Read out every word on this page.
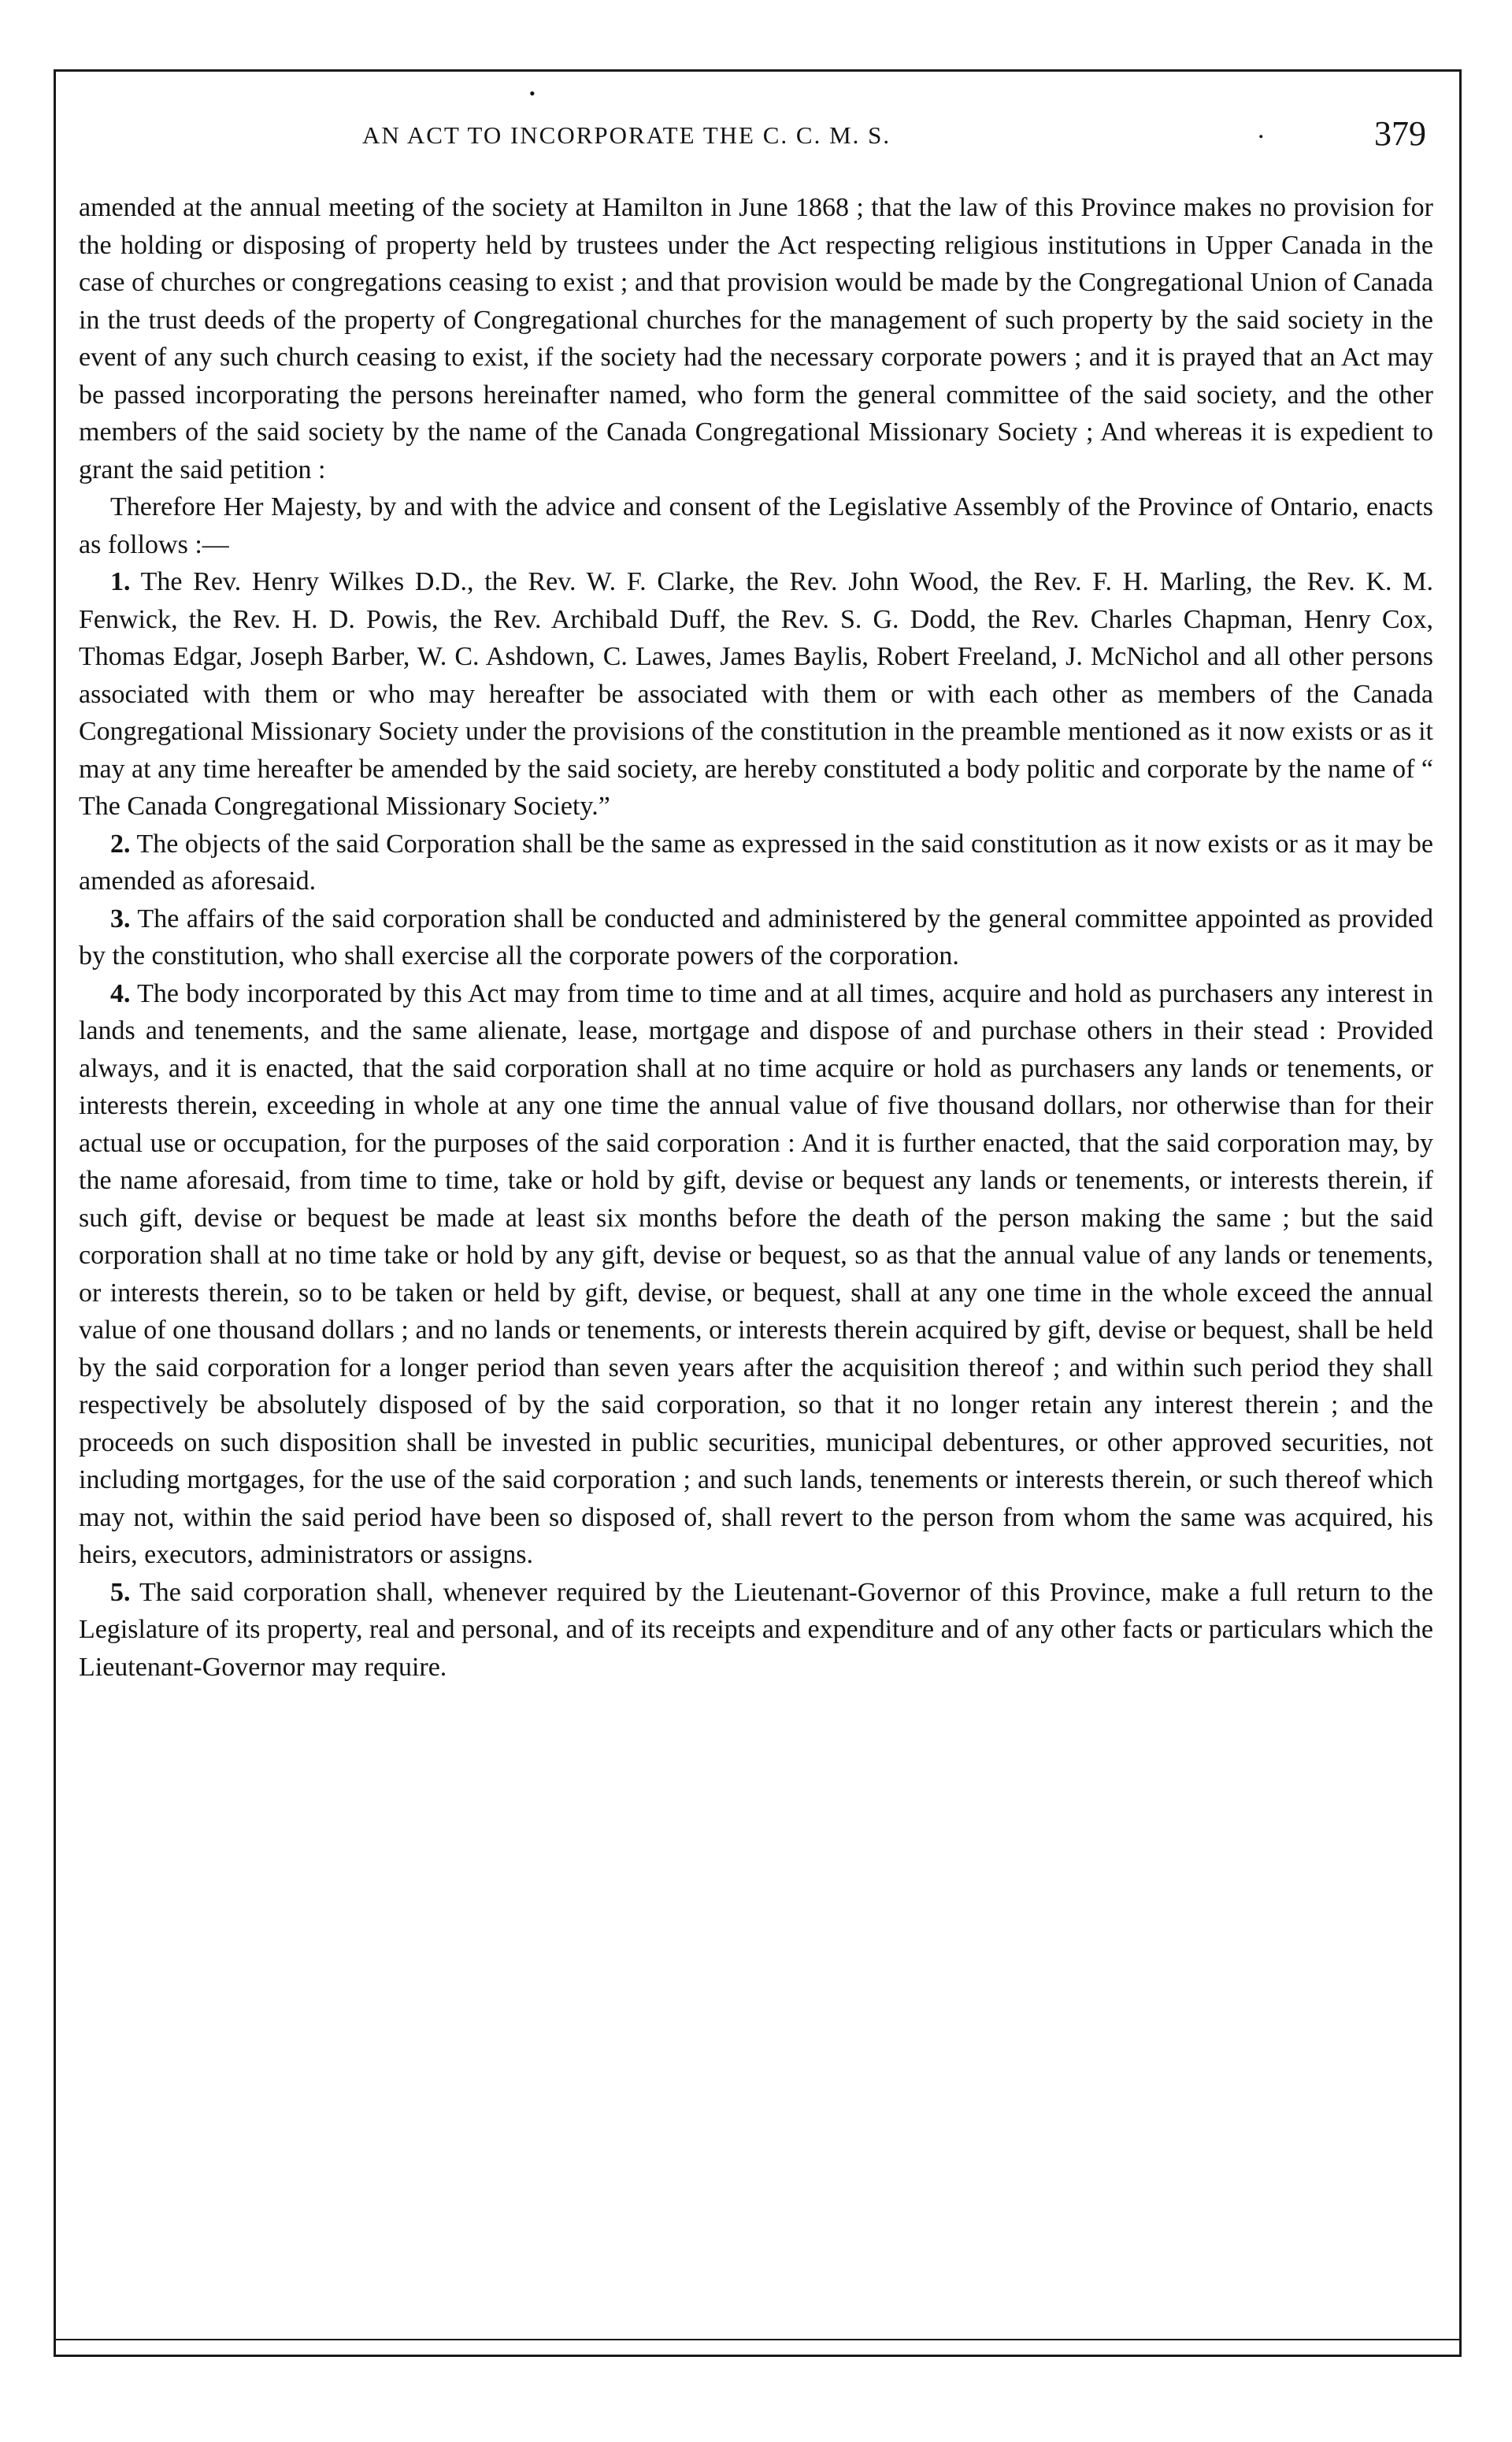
•
AN ACT TO INCORPORATE THE C. C. M. S.	.	379

amended at the annual meeting of the society at Hamilton in June 1868 ; that the law of this Province makes no provision for the holding or disposing of property held by trustees under the Act respecting religious institutions in Upper Canada in the case of churches or congregations ceasing to exist ; and that provision would be made by the Congregational Union of Canada in the trust deeds of the property of Congregational churches for the management of such property by the said society in the event of any such church ceasing to exist, if the society had the necessary corporate powers ; and it is prayed that an Act may be passed incorporating the persons hereinafter named, who form the general committee of the said society, and the other members of the said society by the name of the Canada Congregational Missionary Society ; And whereas it is expedient to grant the said petition :

Therefore Her Majesty, by and with the advice and consent of the Legislative Assembly of the Province of Ontario, enacts as follows :—

1. The Rev. Henry Wilkes D.D., the Rev. W. F. Clarke, the Rev. John Wood, the Rev. F. H. Marling, the Rev. K. M. Fenwick, the Rev. H. D. Powis, the Rev. Archibald Duff, the Rev. S. G. Dodd, the Rev. Charles Chapman, Henry Cox, Thomas Edgar, Joseph Barber, W. C. Ashdown, C. Lawes, James Baylis, Robert Freeland, J. McNichol and all other persons associated with them or who may hereafter be associated with them or with each other as members of the Canada Congregational Missionary Society under the provisions of the constitution in the preamble mentioned as it now exists or as it may at any time hereafter be amended by the said society, are hereby constituted a body politic and corporate by the name of “ The Canada Congregational Missionary Society.”

2. The objects of the said Corporation shall be the same as expressed in the said constitution as it now exists or as it may be amended as aforesaid.

3. The affairs of the said corporation shall be conducted and administered by the general committee appointed as provided by the constitution, who shall exercise all the corporate powers of the corporation.

4. The body incorporated by this Act may from time to time and at all times, acquire and hold as purchasers any interest in lands and tenements, and the same alienate, lease, mortgage and dispose of and purchase others in their stead : Provided always, and it is enacted, that the said corporation shall at no time acquire or hold as purchasers any lands or tenements, or interests therein, exceeding in whole at any one time the annual value of five thousand dollars, nor otherwise than for their actual use or occupation, for the purposes of the said corporation : And it is further enacted, that the said corporation may, by the name aforesaid, from time to time, take or hold by gift, devise or bequest any lands or tenements, or interests therein, if such gift, devise or bequest be made at least six months before the death of the person making the same ; but the said corporation shall at no time take or hold by any gift, devise or bequest, so as that the annual value of any lands or tenements, or interests therein, so to be taken or held by gift, devise, or bequest, shall at any one time in the whole exceed the annual value of one thousand dollars ; and no lands or tenements, or interests therein acquired by gift, devise or bequest, shall be held by the said corporation for a longer period than seven years after the acquisition thereof ; and within such period they shall respectively be absolutely disposed of by the said corporation, so that it no longer retain any interest therein ; and the proceeds on such disposition shall be invested in public securities, municipal debentures, or other approved securities, not including mortgages, for the use of the said corporation ; and such lands, tenements or interests therein, or such thereof which may not, within the said period have been so disposed of, shall revert to the person from whom the same was acquired, his heirs, executors, administrators or assigns.

5. The said corporation shall, whenever required by the Lieutenant-Governor of this Province, make a full return to the Legislature of its property, real and personal, and of its receipts and expenditure and of any other facts or particulars which the Lieutenant-Governor may require.
